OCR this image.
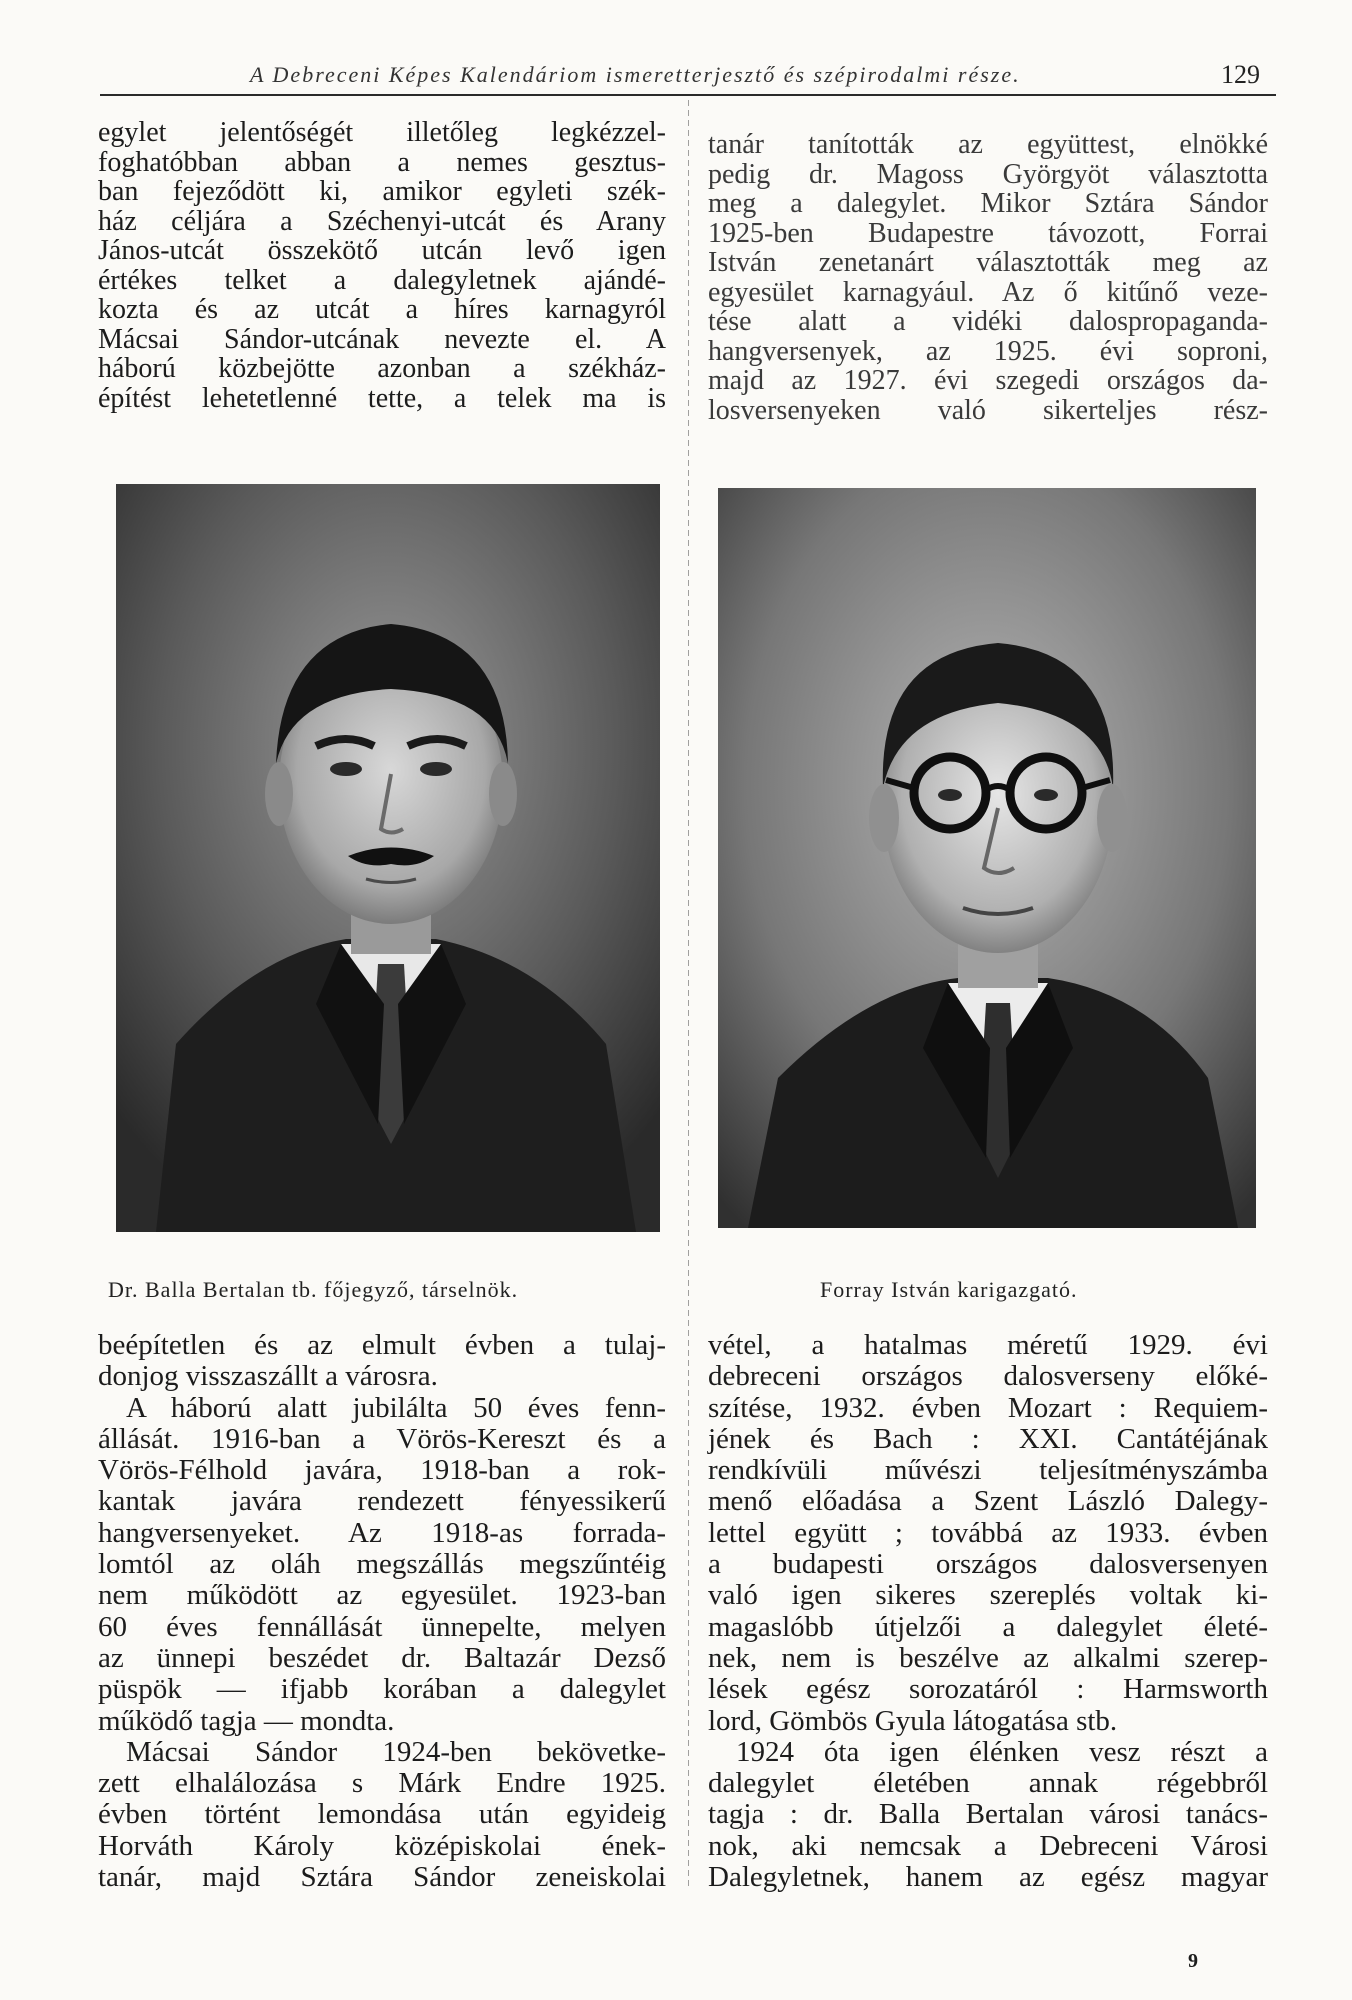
A Debreceni Képes Kalendáriom ismeretterjesztő és szépirodalmi része.	129
egylet jelentőségét illetőleg legkézzel-
foghatóbban abban a nemes gesztus-
ban fejeződött ki, amikor egyleti szék-
ház céljára a Széchenyi-utcát és Arany
János-utcát összekötő utcán levő igen
értékes telket a dalegyletnek ajándé-
kozta és az utcát a híres karnagyról
Mácsai Sándor-utcának nevezte el. A
háború közbejötte azonban a székház-
építést lehetetlenné tette, a telek ma is
tanár tanították az együttest, elnökké
pedig dr. Magoss Györgyöt választotta
meg a dalegylet. Mikor Sztára Sándor
1925-ben Budapestre távozott, Forrai
István zenetanárt választották meg az
egyesület karnagyául. Az ő kitűnő veze-
tése alatt a vidéki dalospropaganda-
hangversenyek, az 1925. évi soproni,
majd az 1927. évi szegedi országos da-
losversenyeken való sikerteljes rész-
Dr. Balla Bertalan tb. főjegyző, társelnök.	Forray István karigazgató.
beépítetlen és az elmult évben a tulaj-
donjog visszaszállt a városra.
A háború alatt jubilálta 50 éves fenn-
állását. 1916-ban a Vörös-Kereszt és a
Vörös-Félhold javára, 1918-ban a rok-
kantak javára rendezett fényessikerű
hangversenyeket. Az 1918-as forrada-
lomtól az oláh megszállás megszűntéig
nem működött az egyesület. 1923-ban
60 éves fennállását ünnepelte, melyen
az ünnepi beszédet dr. Baltazár Dezső
püspök — ifjabb korában a dalegylet
működő tagja — mondta.
Mácsai Sándor 1924-ben bekövetke-
zett elhalálozása s Márk Endre 1925.
évben történt lemondása után egyideig
Horváth Károly középiskolai ének-
tanár, majd Sztára Sándor zeneiskolai
vétel, a hatalmas méretű 1929. évi
debreceni országos dalosverseny előké-
szítése, 1932. évben Mozart : Requiem-
jének és Bach : XXI. Cantátéjának
rendkívüli művészi teljesítményszámba
menő előadása a Szent László Dalegy-
lettel együtt ; továbbá az 1933. évben
a budapesti országos dalosversenyen
való igen sikeres szereplés voltak ki-
magaslóbb útjelzői a dalegylet életé-
nek, nem is beszélve az alkalmi szerep-
lések egész sorozatáról : Harmsworth
lord, Gömbös Gyula látogatása stb.
1924 óta igen élénken vesz részt a
dalegylet életében annak régebbről
tagja : dr. Balla Bertalan városi tanács-
nok, aki nemcsak a Debreceni Városi
Dalegyletnek, hanem az egész magyar
9
